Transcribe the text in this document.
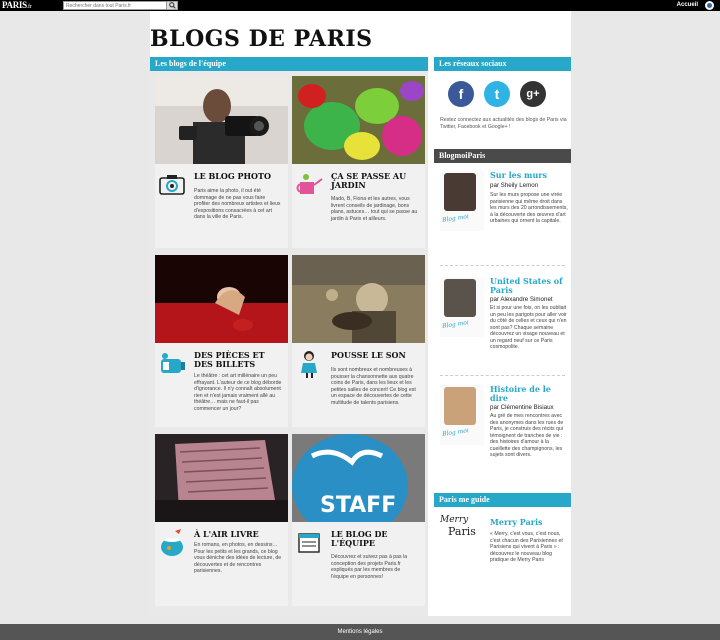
PARIS.fr
Rechercher dans tout Paris.fr	Accueil
BLOGS DE PARIS
Les blogs de l'équipe
LE BLOG PHOTO
Paris aime la photo, il out été dommage de ne pas vous faire profiter des nombreux artistes et lieux d'expositions consacrées à cet art dans la ville de Paris.
ÇA SE PASSE AU JARDIN
Mado, B, Fiona et les autres, vous livrent conseils de jardinage, bons plans, astuces… tout qui se passe au jardin à Paris et ailleurs.
DES PIÈCES ET DES BILLETS
Le théâtre : cet art millénaire un peu effrayant. L'auteur de ce blog déborde d'ignorance. Il n'y connaît absolument rien et n'est jamais vraiment allé au théâtre… mais ne faut-il pas commencer un jour?
POUSSE LE SON
Ils sont nombreux et nombreuses à pousser la chansonnette aux quatre coins de Paris, dans les lieux et les petites salles de concert! Ce blog est un espace de découvertes de cette multitude de talents parisiens.
À L'AIR LIVRE
En romans, en photos, en dessins… Pour les petits et les grands, ce blog vous déniche des idées de lecture, de découvertes et de rencontres parisiennes.
STAFF
LE BLOG DE L'ÉQUIPE
Découvrez et suivez pas à pas la conception des projets Paris.fr expliqués par les membres de l'équipe en personnes!
Les réseaux sociaux
f	t	g+
Restez connectez aux actualités des blogs de Paris via Twitter, Facebook et Google+ !
BlogmoiParis
Blog moi
Sur les murs
par Sheily Lemon
Sur les murs propose une virée parisienne qui même droit dans les murs des 20 arrondissements, à la découverte des œuvres d'art urbaines qui ornent la capitale.
Blog moi
United States of Paris
par Alexandre Simonet
Et si pour une fois, on les oubliait un peu les parigots pour aller voir du côté de celles et ceux qui n'en sont pas? Chaque semaine découvrez un visage nouveau et un regard neuf sur ce Paris cosmopolite.
Blog moi
Histoire de le dire
par Clémentine Bisiaux
Au gré de mes rencontres avec des anonymes dans les rues de Paris, je construis des récits qui témoignent de tranches de vie : des histoires d'amour à la cueillette des champignons, les sujets sont divers.
Paris me guide
Merry
Paris
Merry Paris
« Merry, c'est vous, c'est nous, c'est chacun des Parisiennes et Parisiens qui vivent à Paris » : découvrez le nouveau blog pratique de Merry Paris
Mentions légales
